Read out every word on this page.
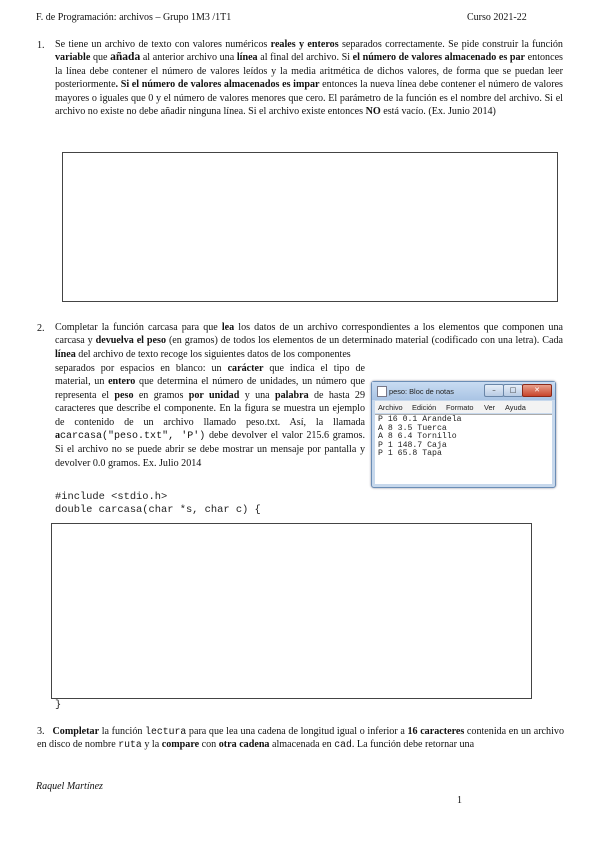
F. de Programación: archivos – Grupo 1M3 /1T1	Curso 2021-22
1. Se tiene un archivo de texto con valores numéricos reales y enteros separados correctamente. Se pide construir la función variable que añada al anterior archivo una línea al final del archivo. Si el número de valores almacenado es par entonces la línea debe contener el número de valores leídos y la media aritmética de dichos valores, de forma que se puedan leer posteriormente. Si el número de valores almacenados es impar entonces la nueva línea debe contener el número de valores mayores o iguales que 0 y el número de valores menores que cero. El parámetro de la función es el nombre del archivo. Si el archivo no existe no debe añadir ninguna línea. Si el archivo existe entonces NO está vacío. (Ex. Junio 2014)
2. Completar la función carcasa para que lea los datos de un archivo correspondientes a los elementos que componen una carcasa y devuelva el peso (en gramos) de todos los elementos de un determinado material (codificado con una letra). Cada línea del archivo de texto recoge los siguientes datos de los componentes
separados por espacios en blanco: un carácter que indica el tipo de material, un entero que determina el número de unidades, un número que representa el peso en gramos por unidad y una palabra de hasta 29 caracteres que describe el componente. En la figura se muestra un ejemplo de contenido de un archivo llamado peso.txt. Así, la llamada acarcasa("peso.txt", 'P') debe devolver el valor 215.6 gramos. Si el archivo no se puede abrir se debe mostrar un mensaje por pantalla y devolver 0.0 gramos. Ex. Julio 2014
peso: Bloc de notas	–	□	✕
Archivo Edición Formato Ver Ayuda
P 16 0.1 Arandela
A 8 3.5 Tuerca
A 8 6.4 Tornillo
P 1 148.7 Caja
P 1 65.8 Tapa
#include <stdio.h>
double carcasa(char *s, char c) {
}
3. Completar la función lectura para que lea una cadena de longitud igual o inferior a 16 caracteres contenida en un archivo en disco de nombre ruta y la compare con otra cadena almacenada en cad. La función debe retornar una
Raquel Martínez
1
